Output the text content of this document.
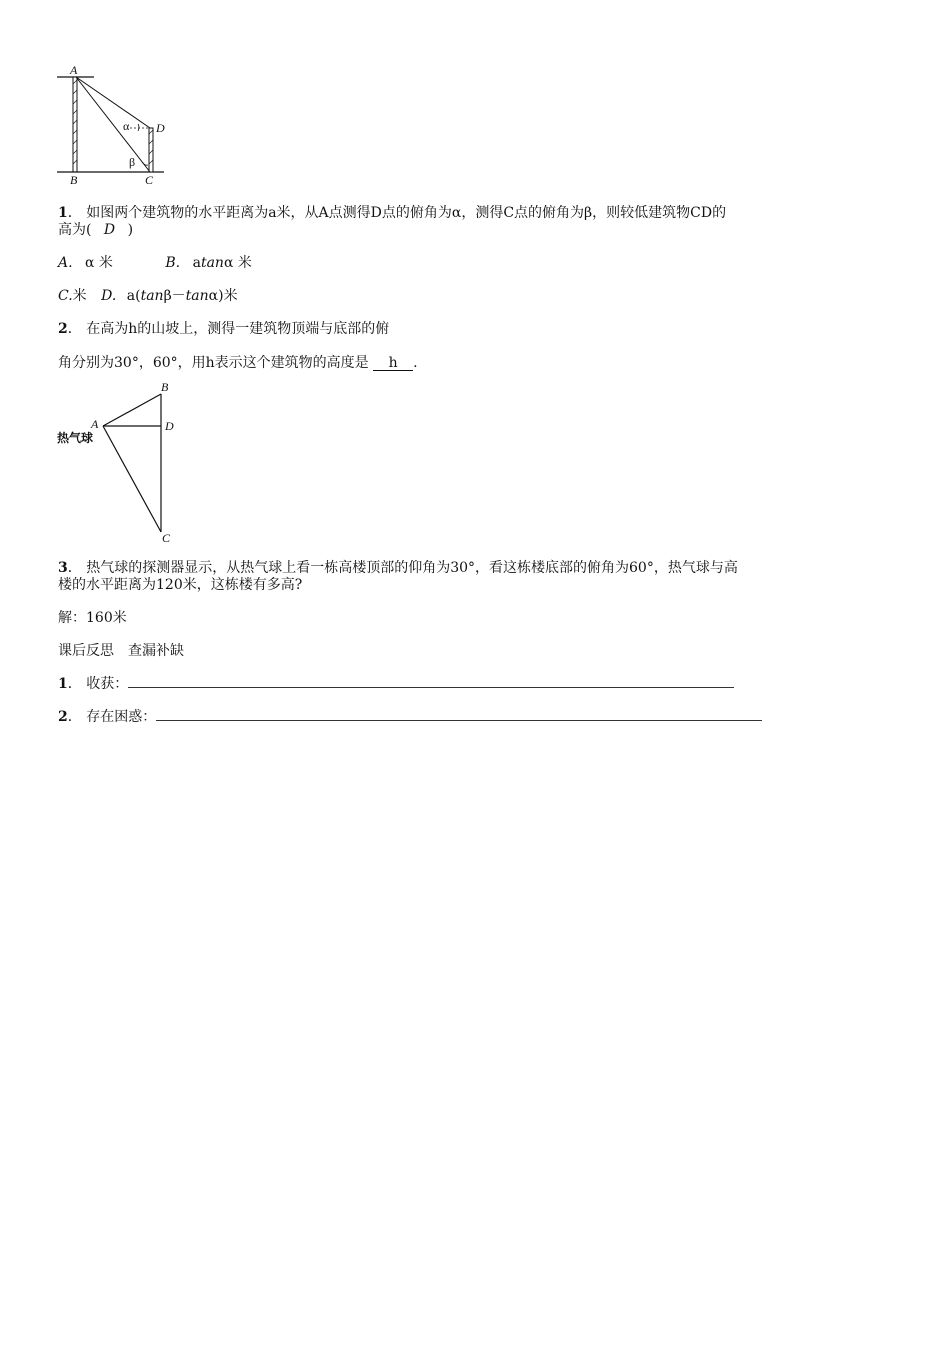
A
B	C
D
α
β
1． 如图两个建筑物的水平距离为a米，从A点测得D点的俯角为α，测得C点的俯角为β，则较低建筑物CD的
高为( D )
A. α 米	B. atanα 米
C.米 D. a(tanβ－tanα)米
2． 在高为h的山坡上，测得一建筑物顶端与底部的俯
角分别为30°，60°，用h表示这个建筑物的高度是 h .
B
A	D
C
热气球
3． 热气球的探测器显示，从热气球上看一栋高楼顶部的仰角为30°，看这栋楼底部的俯角为60°，热气球与高
楼的水平距离为120米，这栋楼有多高?
解：160米
课后反思　查漏补缺
1． 收获：
2． 存在困惑：
